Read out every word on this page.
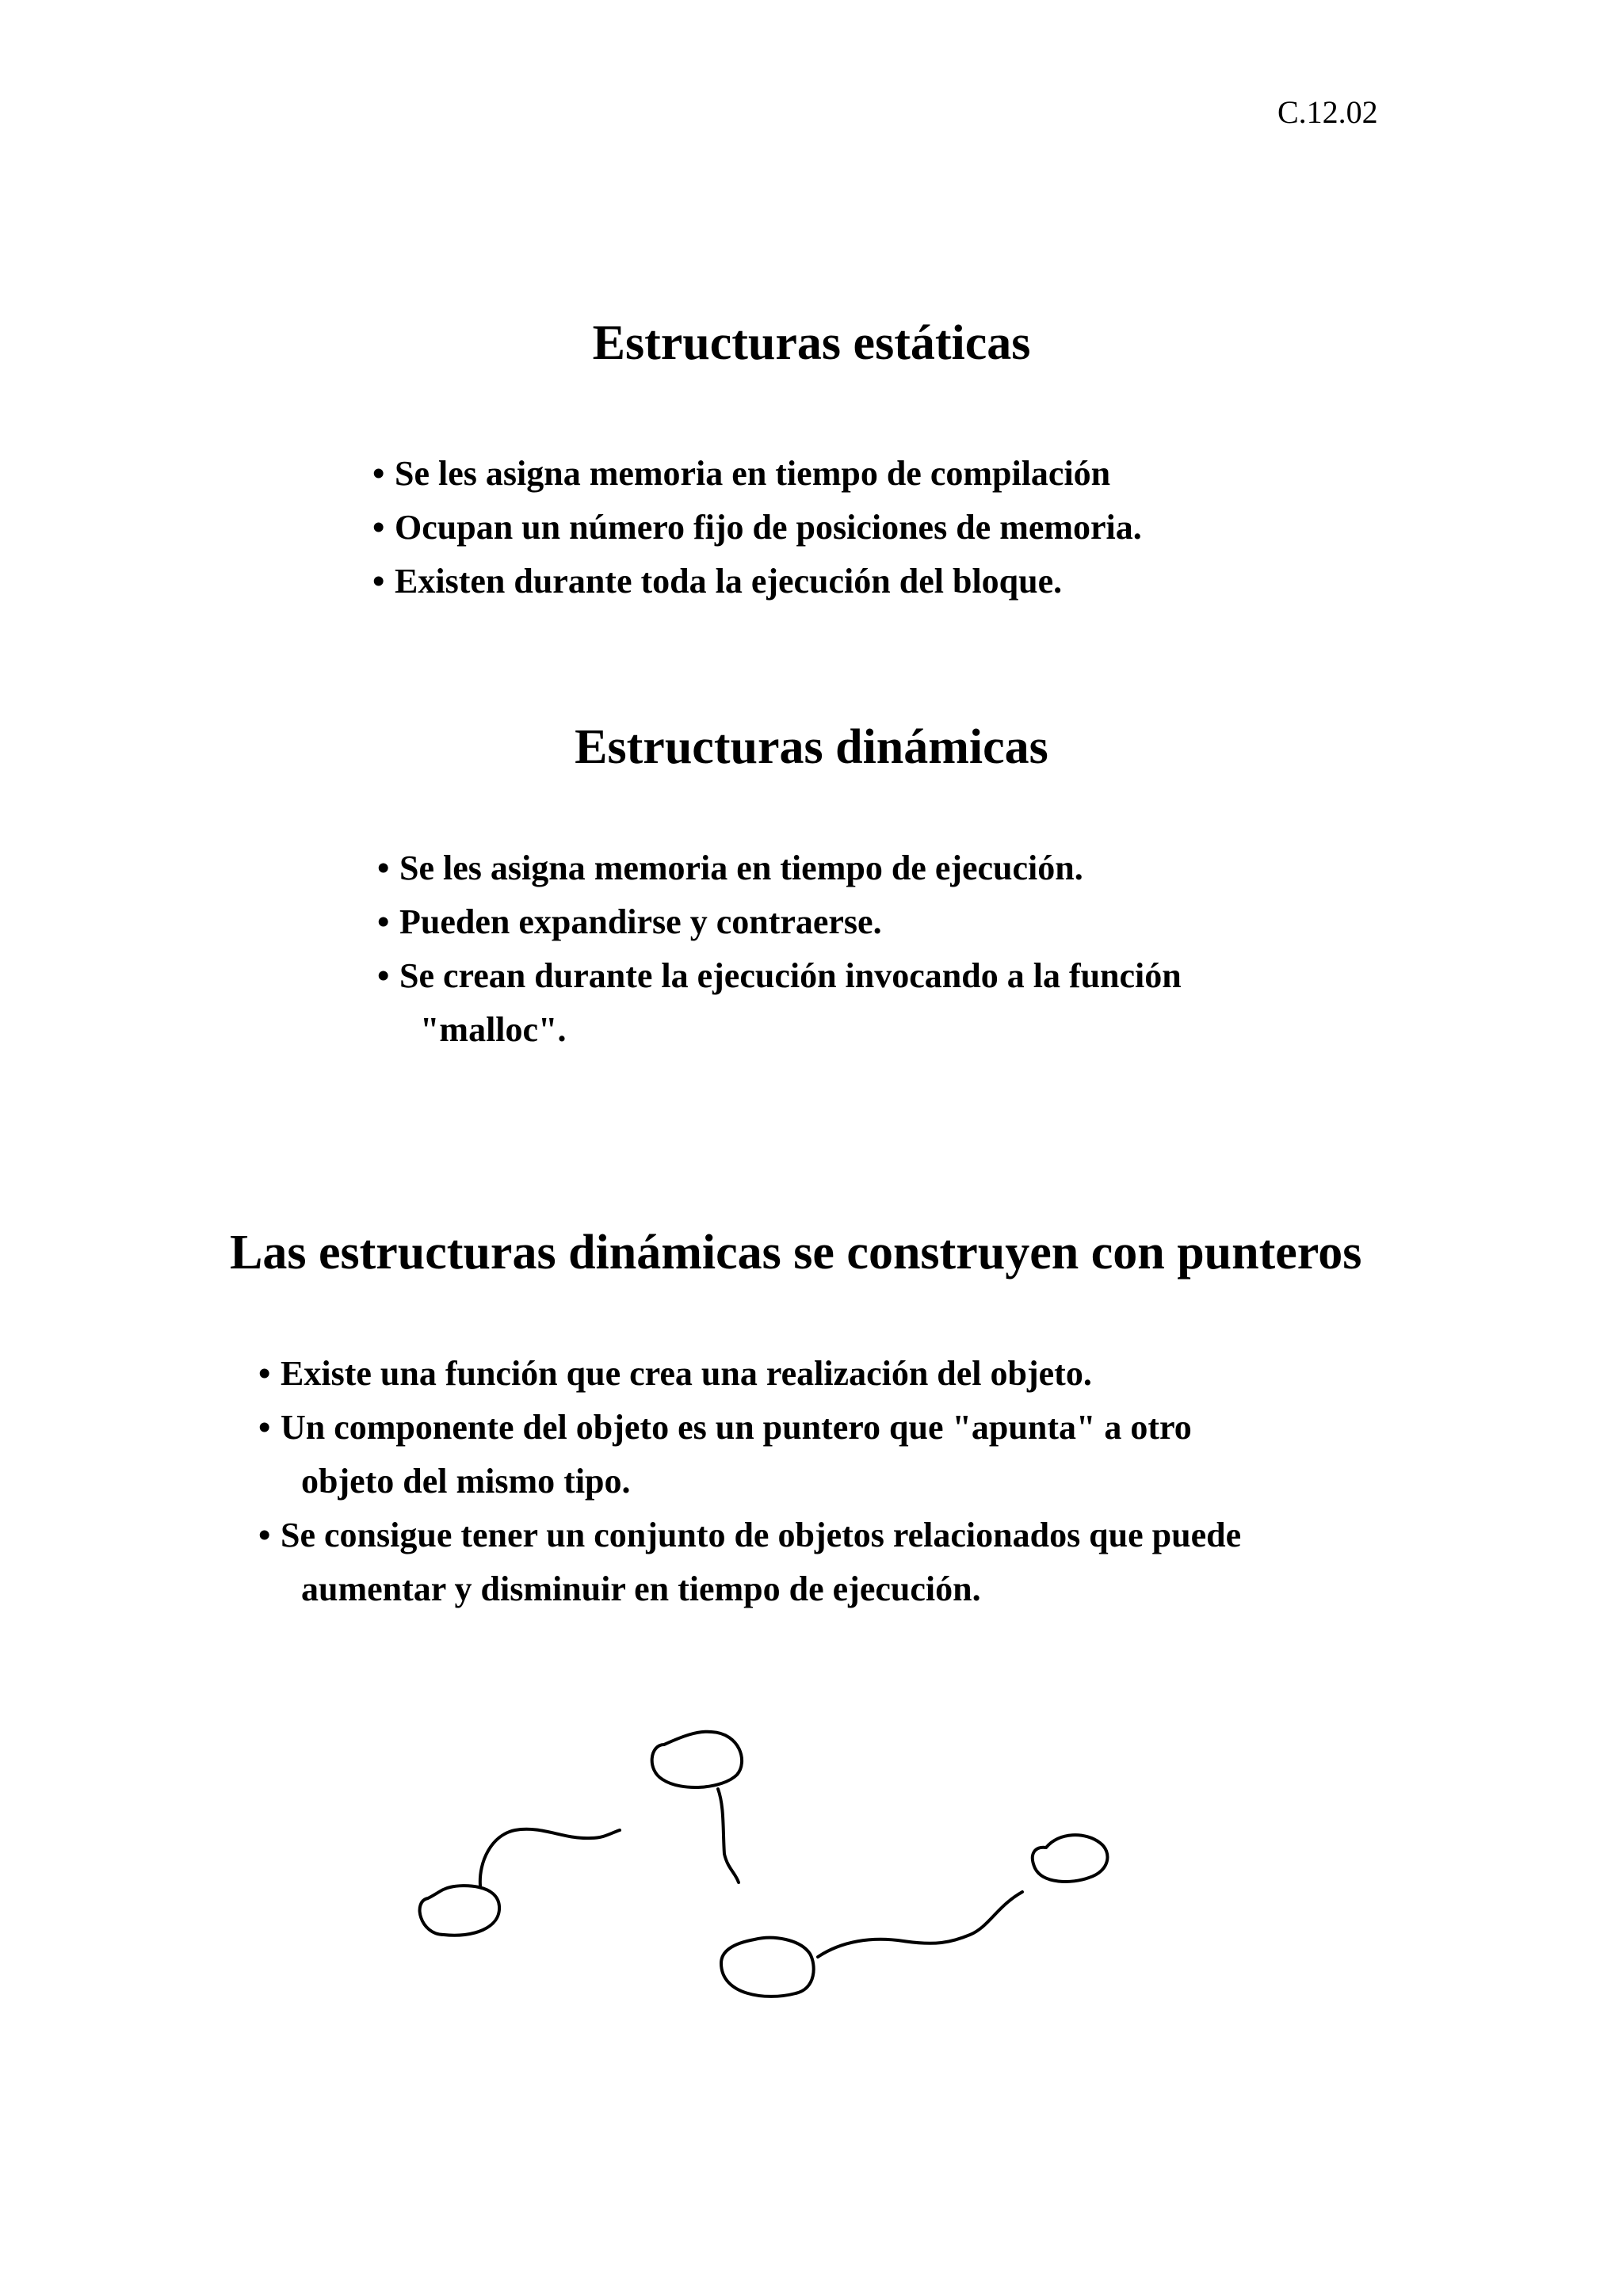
C.12.02
Estructuras estáticas
• Se les asigna memoria en tiempo de compilación
• Ocupan un número fijo de posiciones de memoria.
• Existen durante toda la ejecución del bloque.
Estructuras dinámicas
• Se les asigna memoria en tiempo de ejecución.
• Pueden expandirse y contraerse.
• Se crean durante la ejecución invocando a la función
"malloc".
Las estructuras dinámicas se construyen con punteros
• Existe una función que crea una realización del objeto.
• Un componente del objeto es un puntero que "apunta" a otro
objeto del mismo tipo.
• Se consigue tener un conjunto de objetos relacionados que puede
aumentar y disminuir en tiempo de ejecución.
